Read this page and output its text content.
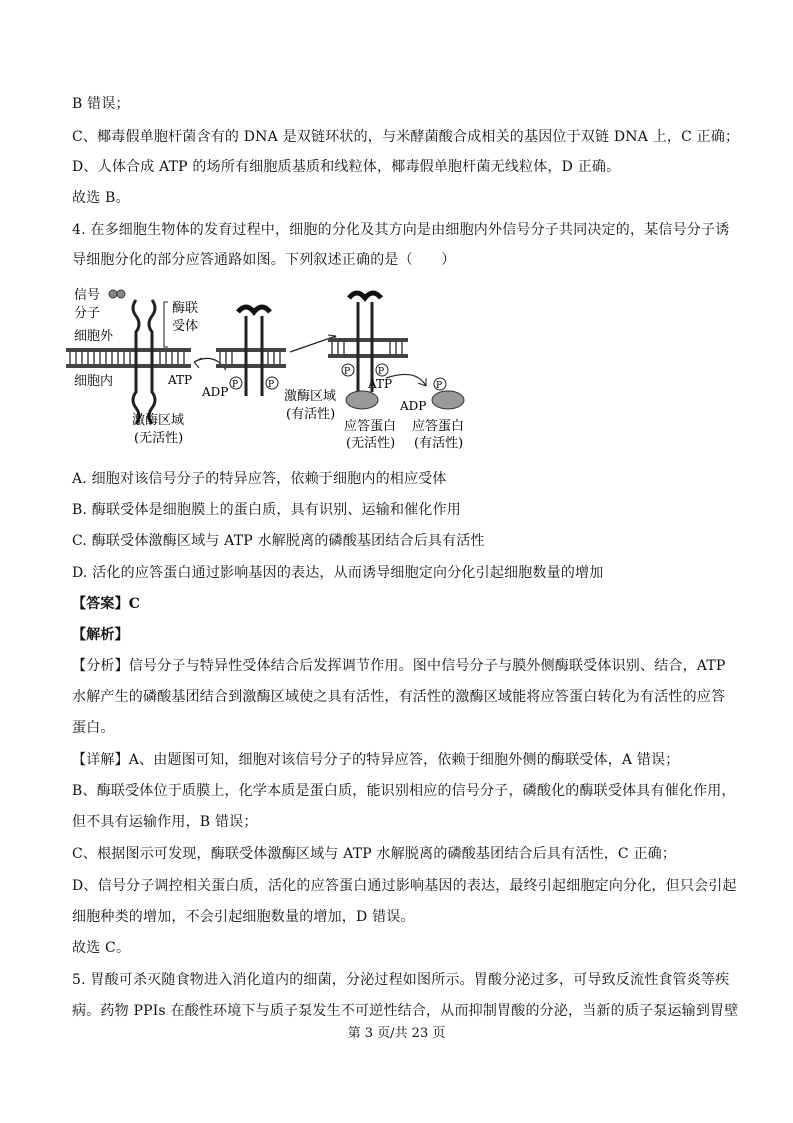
B 错误；
C、椰毒假单胞杆菌含有的 DNA 是双链环状的，与米酵菌酸合成相关的基因位于双链 DNA 上，C 正确；
D、人体合成 ATP 的场所有细胞质基质和线粒体，椰毒假单胞杆菌无线粒体，D 正确。
故选 B。
4. 在多细胞生物体的发育过程中，细胞的分化及其方向是由细胞内外信号分子共同决定的，某信号分子诱
导细胞分化的部分应答通路如图。下列叙述正确的是（　　）
信号
分子
细胞外
细胞内
酶联
受体
ATP
激酶区域
(无活性)
ADP P	P
激酶区域
(有活性)
P	P
ATP
ADP
P
应答蛋白
(无活性)
应答蛋白
(有活性)
A. 细胞对该信号分子的特异应答，依赖于细胞内的相应受体
B. 酶联受体是细胞膜上的蛋白质，具有识别、运输和催化作用
C. 酶联受体激酶区域与 ATP 水解脱离的磷酸基团结合后具有活性
D. 活化的应答蛋白通过影响基因的表达，从而诱导细胞定向分化引起细胞数量的增加
【答案】C
【解析】
【分析】信号分子与特异性受体结合后发挥调节作用。图中信号分子与膜外侧酶联受体识别、结合，ATP
水解产生的磷酸基团结合到激酶区域使之具有活性，有活性的激酶区域能将应答蛋白转化为有活性的应答
蛋白。
【详解】A、由题图可知，细胞对该信号分子的特异应答，依赖于细胞外侧的酶联受体，A 错误；
B、酶联受体位于质膜上，化学本质是蛋白质，能识别相应的信号分子，磷酸化的酶联受体具有催化作用，
但不具有运输作用，B 错误；
C、根据图示可发现，酶联受体激酶区域与 ATP 水解脱离的磷酸基团结合后具有活性，C 正确；
D、信号分子调控相关蛋白质，活化的应答蛋白通过影响基因的表达，最终引起细胞定向分化，但只会引起
细胞种类的增加，不会引起细胞数量的增加，D 错误。
故选 C。
5. 胃酸可杀灭随食物进入消化道内的细菌，分泌过程如图所示。胃酸分泌过多，可导致反流性食管炎等疾
病。药物 PPIs 在酸性环境下与质子泵发生不可逆性结合，从而抑制胃酸的分泌，当新的质子泵运输到胃壁
第 3 页/共 23 页
